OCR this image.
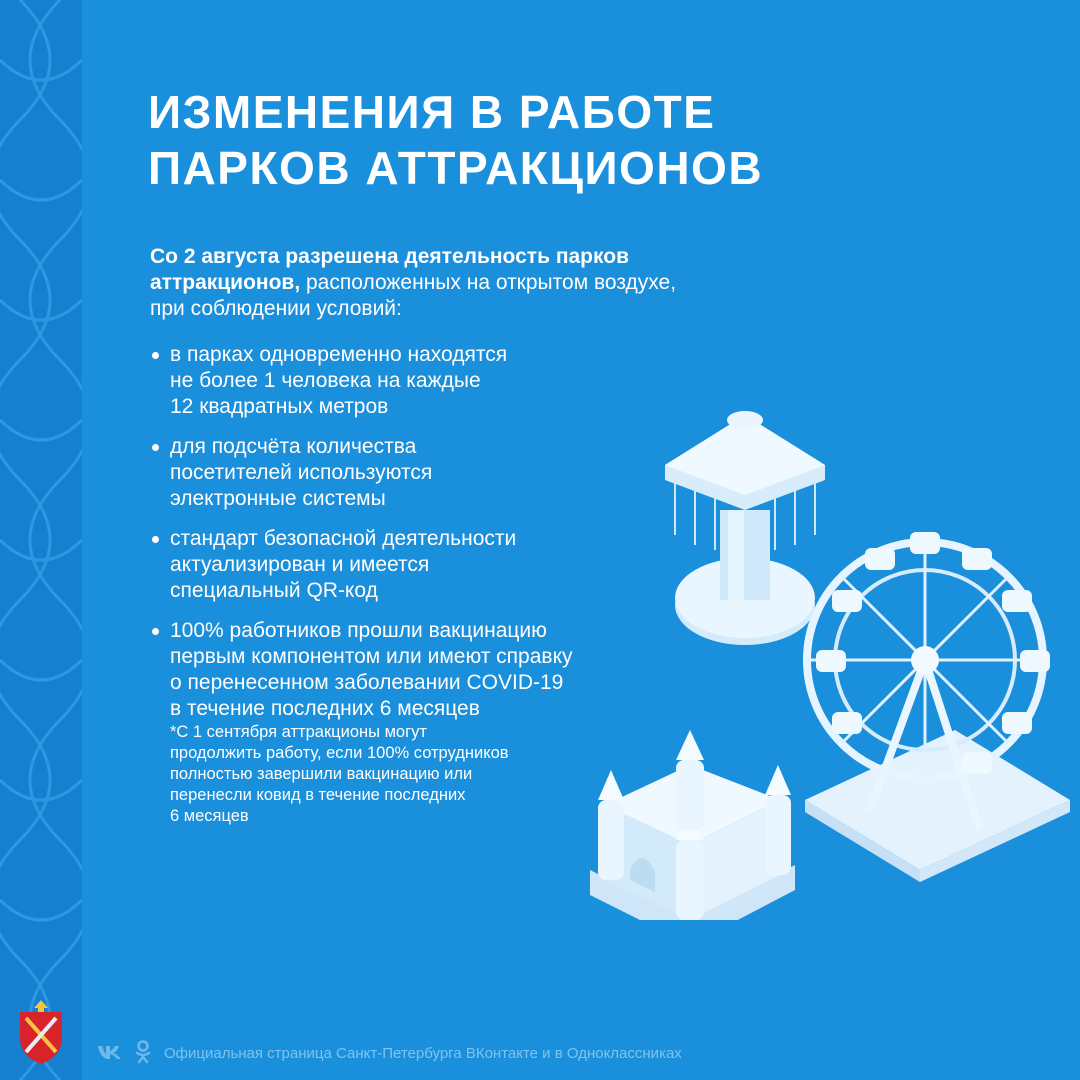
ИЗМЕНЕНИЯ В РАБОТЕ
ПАРКОВ АТТРАКЦИОНОВ
Со 2 августа разрешена деятельность парков аттракционов, расположенных на открытом воздухе, при соблюдении условий:
в парках одновременно находятся
не более 1 человека на каждые
12 квадратных метров
для подсчёта количества
посетителей используются
электронные системы
стандарт безопасной деятельности
актуализирован и имеется
специальный QR-код
100% работников прошли вакцинацию
первым компонентом или имеют справку
о перенесенном заболевании COVID-19
в течение последних 6 месяцев
*С 1 сентября аттракционы могут
продолжить работу, если 100% сотрудников
полностью завершили вакцинацию или
перенесли ковид в течение последних
6 месяцев
Официальная страница Санкт-Петербурга ВКонтакте и в Одноклассниках
